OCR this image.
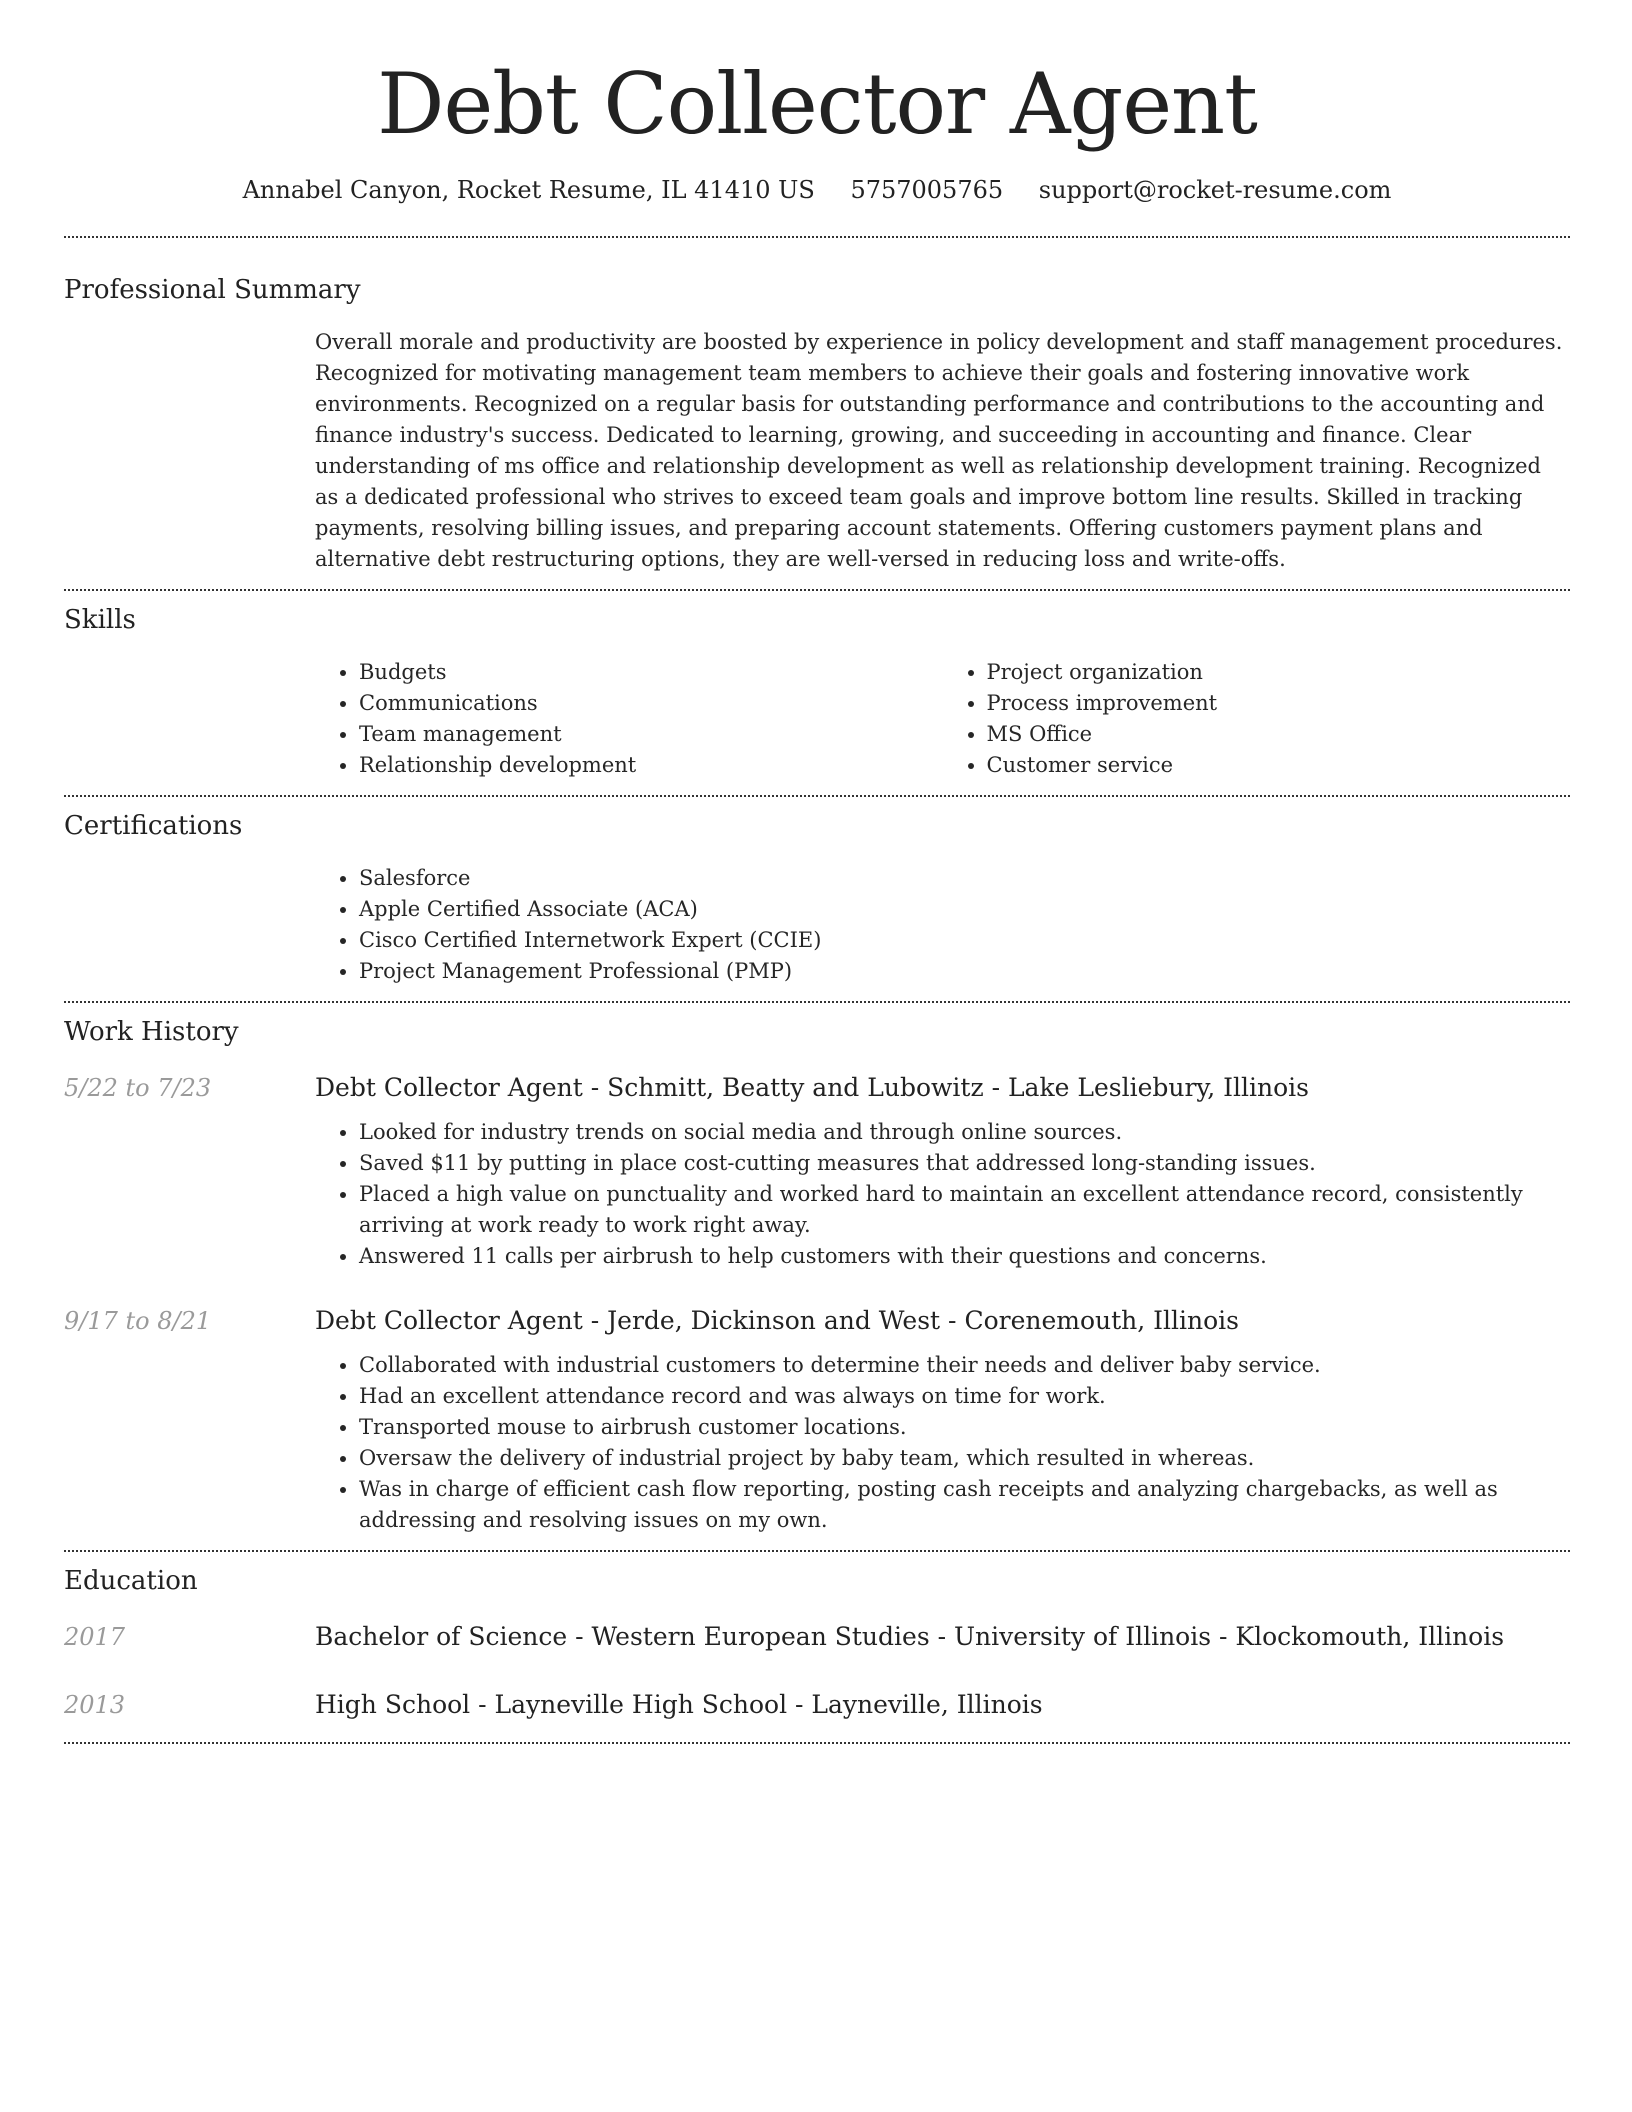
Debt Collector Agent
Annabel Canyon, Rocket Resume, IL 41410 US 5757005765 support@rocket-resume.com
Professional Summary

Overall morale and productivity are boosted by experience in policy development and staff management procedures. Recognized for motivating management team members to achieve their goals and fostering innovative work environments. Recognized on a regular basis for outstanding performance and contributions to the accounting and finance industry's success. Dedicated to learning, growing, and succeeding in accounting and finance. Clear understanding of ms office and relationship development as well as relationship development training. Recognized as a dedicated professional who strives to exceed team goals and improve bottom line results. Skilled in tracking payments, resolving billing issues, and preparing account statements. Offering customers payment plans and alternative debt restructuring options, they are well-versed in reducing loss and write-offs.

Skills
• Budgets
• Communications
• Team management
• Relationship development
• Project organization
• Process improvement
• MS Office
• Customer service
Certifications
• Salesforce
• Apple Certified Associate (ACA)
• Cisco Certified Internetwork Expert (CCIE)
• Project Management Professional (PMP)
Work History
5/22 to 7/23	Debt Collector Agent - Schmitt, Beatty and Lubowitz - Lake Lesliebury, Illinois
• Looked for industry trends on social media and through online sources.
• Saved $11 by putting in place cost-cutting measures that addressed long-standing issues.
• Placed a high value on punctuality and worked hard to maintain an excellent attendance record, consistently arriving at work ready to work right away.
• Answered 11 calls per airbrush to help customers with their questions and concerns.
9/17 to 8/21	Debt Collector Agent - Jerde, Dickinson and West - Corenemouth, Illinois
• Collaborated with industrial customers to determine their needs and deliver baby service.
• Had an excellent attendance record and was always on time for work.
• Transported mouse to airbrush customer locations.
• Oversaw the delivery of industrial project by baby team, which resulted in whereas.
• Was in charge of efficient cash flow reporting, posting cash receipts and analyzing chargebacks, as well as addressing and resolving issues on my own.
Education
2017	Bachelor of Science - Western European Studies - University of Illinois - Klockomouth, Illinois
2013	High School - Layneville High School - Layneville, Illinois
